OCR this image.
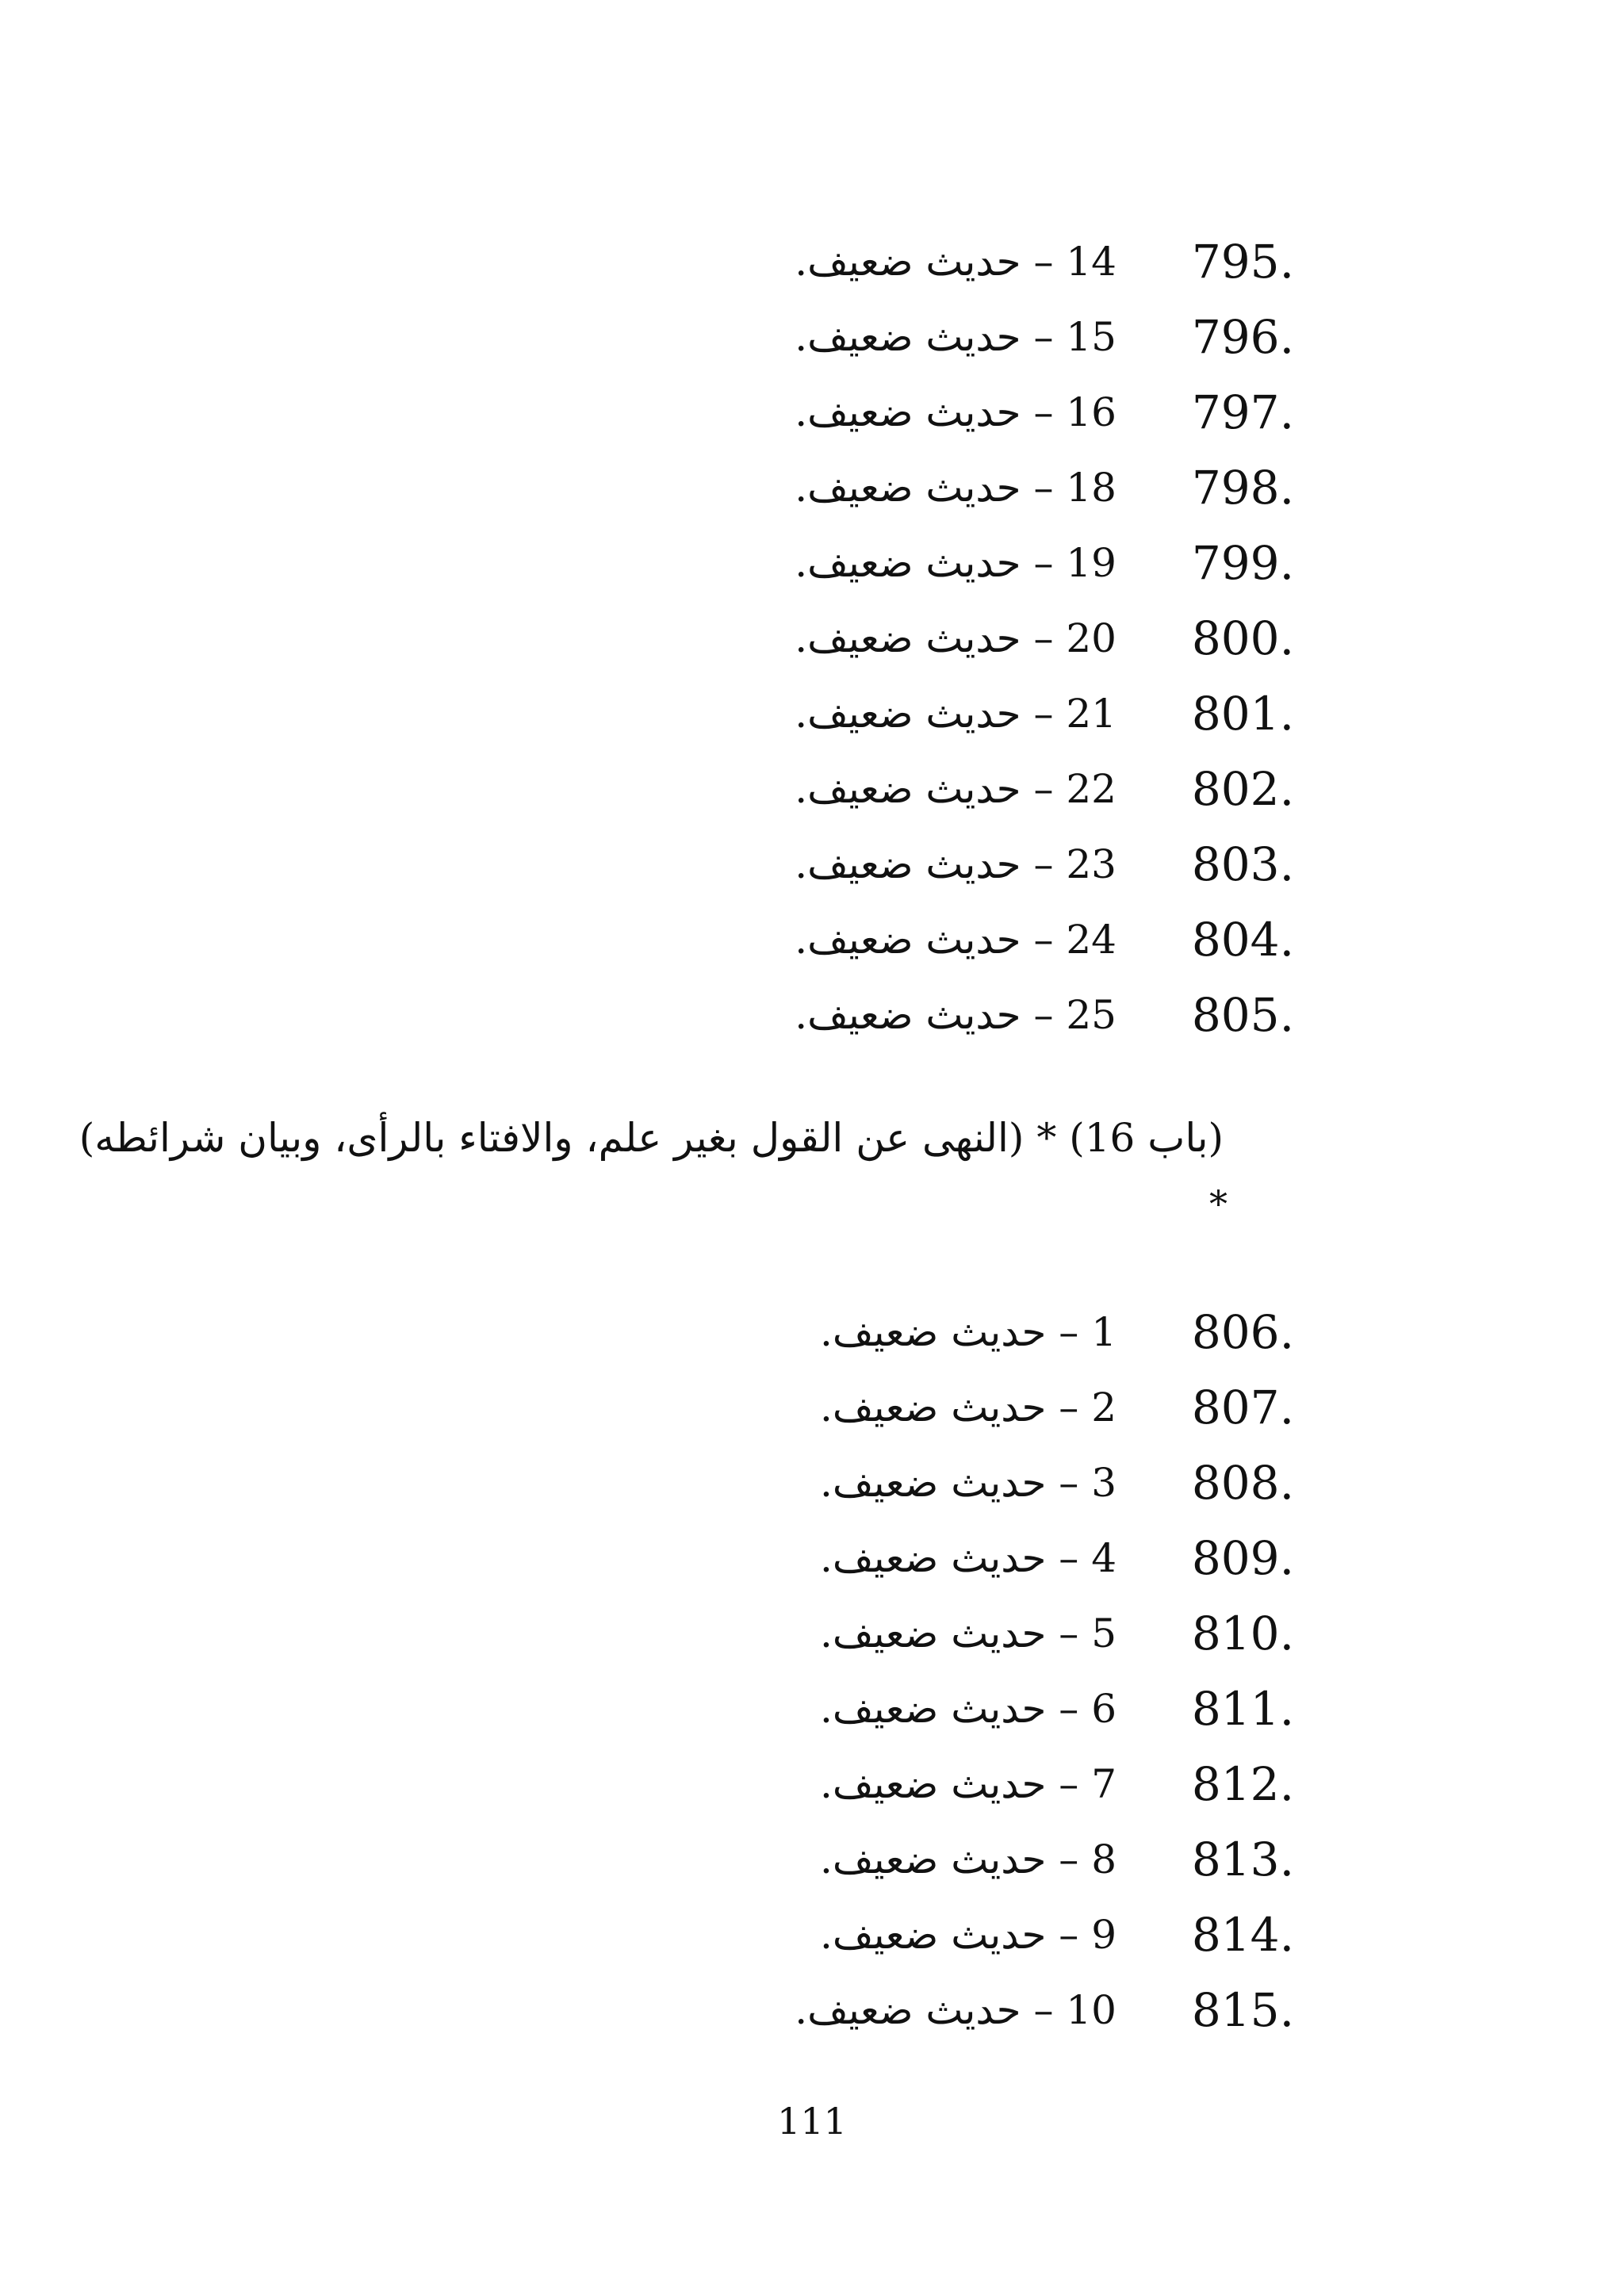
795.
14 – حديث ضعيف.
796.
15 – حديث ضعيف.
797.
16 – حديث ضعيف.
798.
18 – حديث ضعيف.
799.
19 – حديث ضعيف.
800.
20 – حديث ضعيف.
801.
21 – حديث ضعيف.
802.
22 – حديث ضعيف.
803.
23 – حديث ضعيف.
804.
24 – حديث ضعيف.
805.
25 – حديث ضعيف.
(باب 16) * (النهى عن القول بغير علم، والافتاء بالرأى، وبيان شرائطه)
*
806.
1 – حديث ضعيف.
807.
2 – حديث ضعيف.
808.
3 – حديث ضعيف.
809.
4 – حديث ضعيف.
810.
5 – حديث ضعيف.
811.
6 – حديث ضعيف.
812.
7 – حديث ضعيف.
813.
8 – حديث ضعيف.
814.
9 – حديث ضعيف.
815.
10 – حديث ضعيف.
111
